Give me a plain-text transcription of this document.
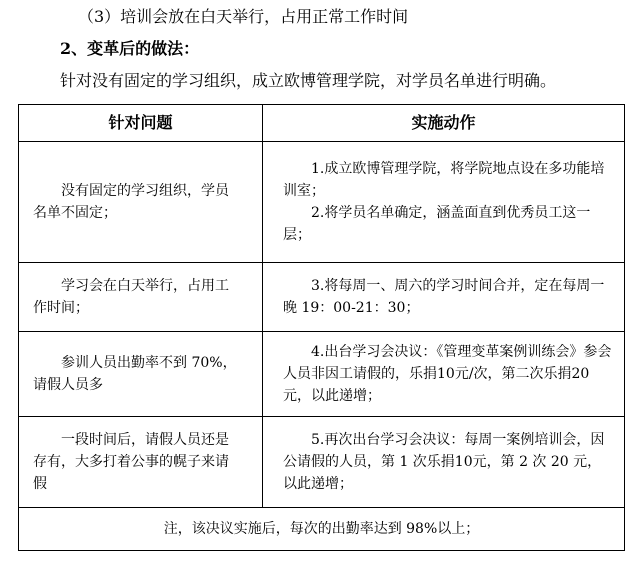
（3）培训会放在白天举行，占用正常工作时间
2、变革后的做法：
针对没有固定的学习组织，成立欧博管理学院，对学员名单进行明确。
针对问题	实施动作
没有固定的学习组织，学员名单不固定；	1.成立欧博管理学院，将学院地点设在多功能培训室；
2.将学员名单确定，涵盖面直到优秀员工这一层；

学习会在白天举行，占用工作时间；	3.将每周一、周六的学习时间合并，定在每周一晚 19：00-21：30；
参训人员出勤率不到 70%，请假人员多	4.出台学习会决议：《管理变革案例训练会》参会人员非因工请假的，乐捐10元/次，第二次乐捐20元，以此递增；
一段时间后，请假人员还是存有，大多打着公事的幌子来请假	5.再次出台学习会决议：每周一案例培训会，因公请假的人员，第 1 次乐捐10元，第 2 次 20 元，以此递增；
注，该决议实施后，每次的出勤率达到 98%以上；	
